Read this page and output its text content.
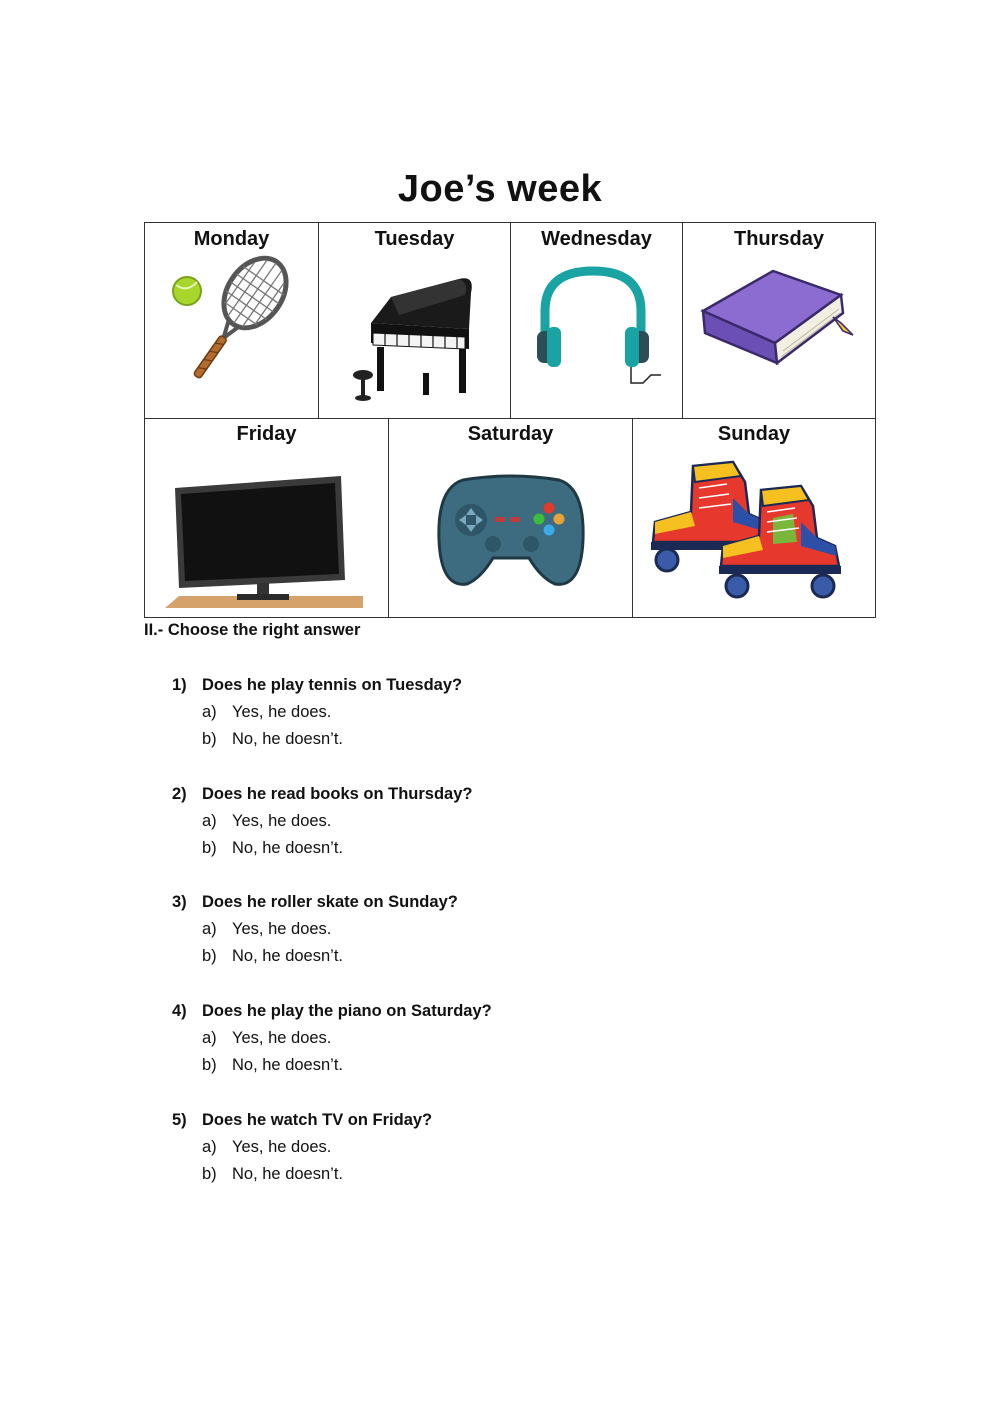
Joe’s week
Monday	Tuesday	Wednesday	Thursday
Friday	Saturday	Sunday
II.- Choose the right answer
1) Does he play tennis on Tuesday?
a) Yes, he does.
b) No, he doesn’t.
2) Does he read books on Thursday?
a) Yes, he does.
b) No, he doesn’t.
3) Does he roller skate on Sunday?
a) Yes, he does.
b) No, he doesn’t.
4) Does he play the piano on Saturday?
a) Yes, he does.
b) No, he doesn’t.
5) Does he watch TV on Friday?
a) Yes, he does.
b) No, he doesn’t.
